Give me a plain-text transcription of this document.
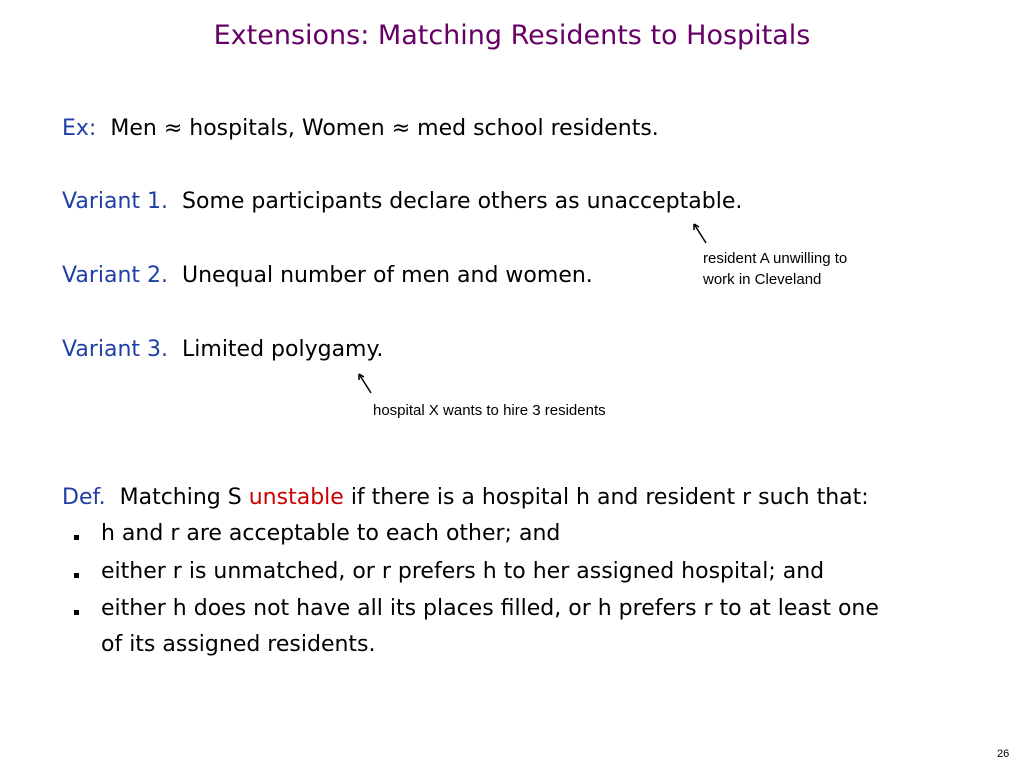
Extensions: Matching Residents to Hospitals
Ex: Men ≈ hospitals, Women ≈ med school residents.
Variant 1. Some participants declare others as unacceptable.
Variant 2. Unequal number of men and women.
Variant 3. Limited polygamy.
resident A unwilling to
work in Cleveland
hospital X wants to hire 3 residents
Def. Matching S unstable if there is a hospital h and resident r such that:
h and r are acceptable to each other; and
either r is unmatched, or r prefers h to her assigned hospital; and
either h does not have all its places filled, or h prefers r to at least one
of its assigned residents.
26
